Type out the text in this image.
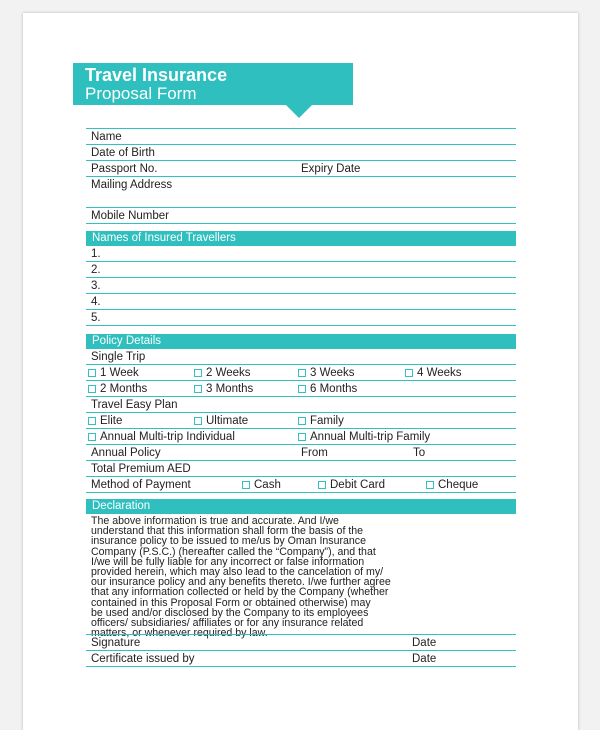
Travel Insurance
Proposal Form
Name
Date of Birth
Passport No.	Expiry Date
Mailing Address
Mobile Number
Names of Insured Travellers
1.
2.
3.
4.
5.
Policy Details
Single Trip
1 Week	2 Weeks	3 Weeks	4 Weeks
2 Months	3 Months	6 Months
Travel Easy Plan
Elite	Ultimate	Family
Annual Multi-trip Individual	Annual Multi-trip Family
Annual Policy	From	To
Total Premium AED
Method of Payment	Cash	Debit Card	Cheque
Declaration
The above information is true and accurate. And I/we
understand that this information shall form the basis of the
insurance policy to be issued to me/us by Oman Insurance
Company (P.S.C.) (hereafter called the “Company”), and that
I/we will be fully liable for any incorrect or false information
provided herein, which may also lead to the cancelation of my/
our insurance policy and any benefits thereto. I/we further agree
that any information collected or held by the Company (whether
contained in this Proposal Form or obtained otherwise) may
be used and/or disclosed by the Company to its employees
officers/ subsidiaries/ affiliates or for any insurance related
matters, or whenever required by law.
Signature	Date
Certificate issued by	Date
